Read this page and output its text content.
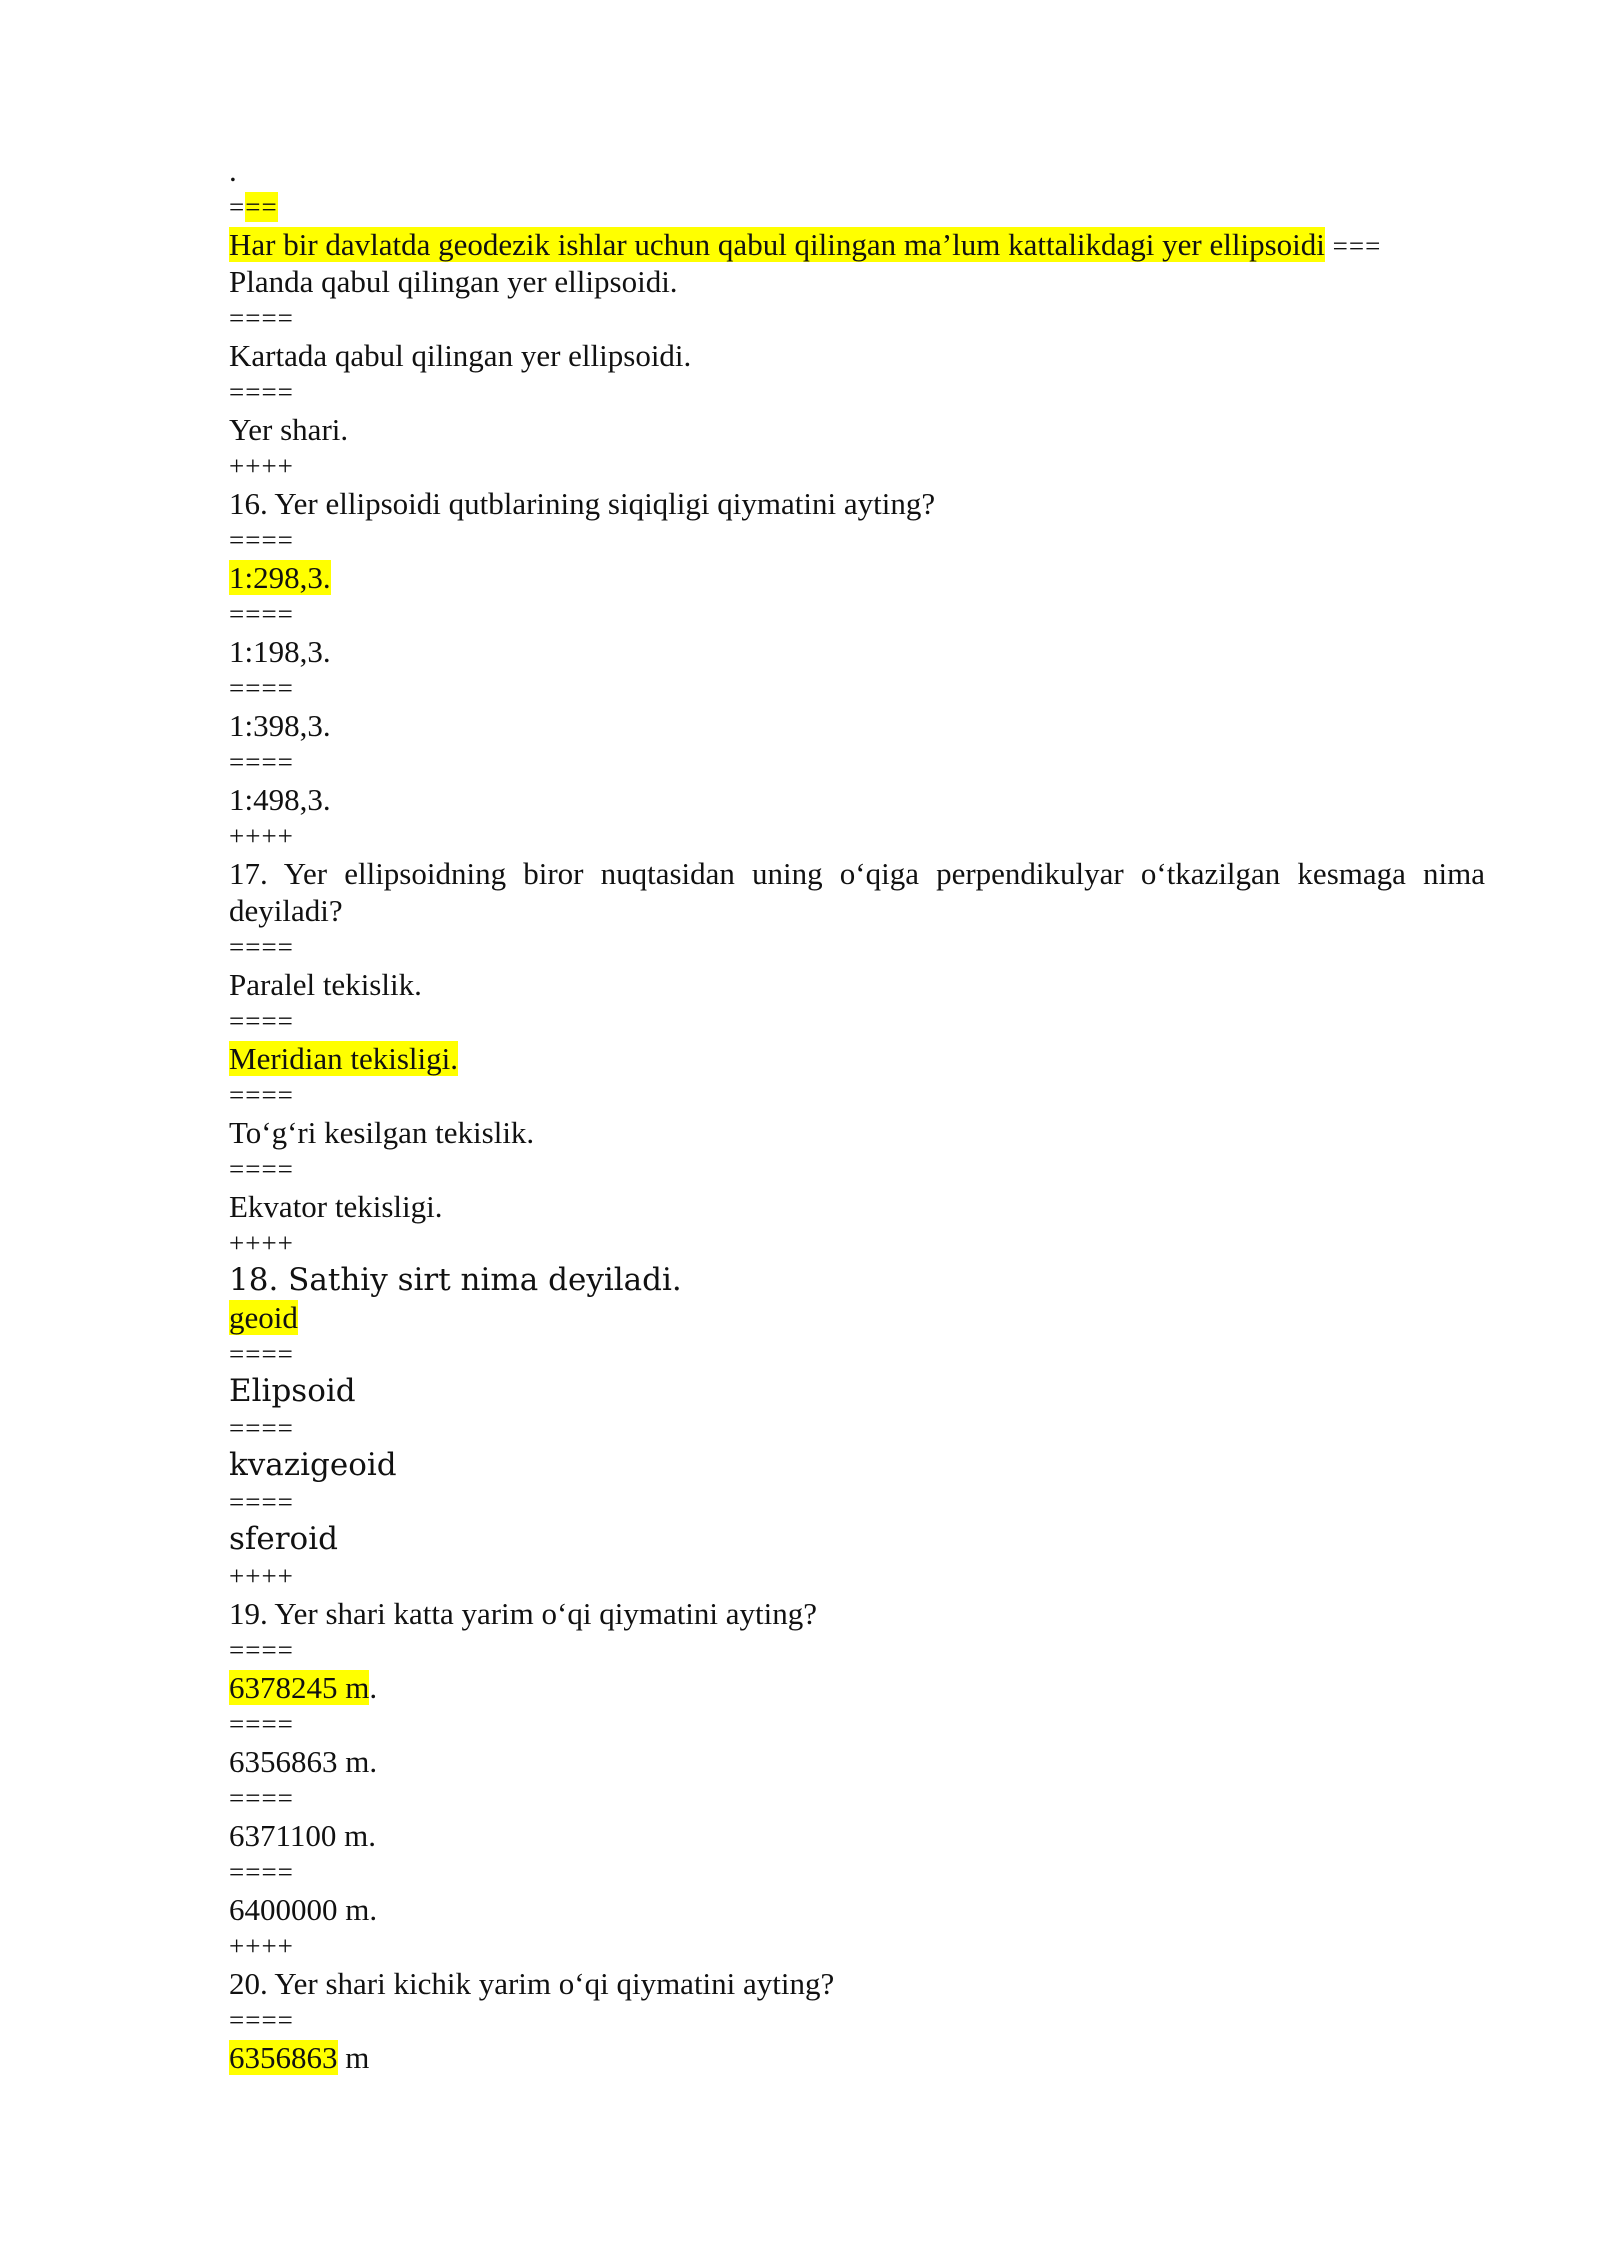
.
===
Har bir davlatda geodezik ishlar uchun qabul qilingan ma’lum kattalikdagi yer ellipsoidi ===
Planda qabul qilingan yer ellipsoidi.
====
Kartada qabul qilingan yer ellipsoidi.
====
Yer shari.
++++
16. Yer ellipsoidi qutblarining siqiqligi qiymatini ayting?
====
1:298,3.
====
1:198,3.
====
1:398,3.
====
1:498,3.
++++
17. Yer ellipsoidning biror nuqtasidan uning o‘qiga perpendikulyar o‘tkazilgan kesmaga nima deyiladi?
====
Paralel tekislik.
====
Meridian tekisligi.
====
To‘g‘ri kesilgan tekislik.
====
Ekvator tekisligi.
++++
18. Sathiy sirt nima deyiladi.
geoid
====
Elipsoid
====
kvazigeoid
====
sferoid
++++
19. Yer shari katta yarim o‘qi qiymatini ayting?
====
6378245 m.
====
6356863 m.
====
6371100 m.
====
6400000 m.
++++
20. Yer shari kichik yarim o‘qi qiymatini ayting?
====
6356863 m
